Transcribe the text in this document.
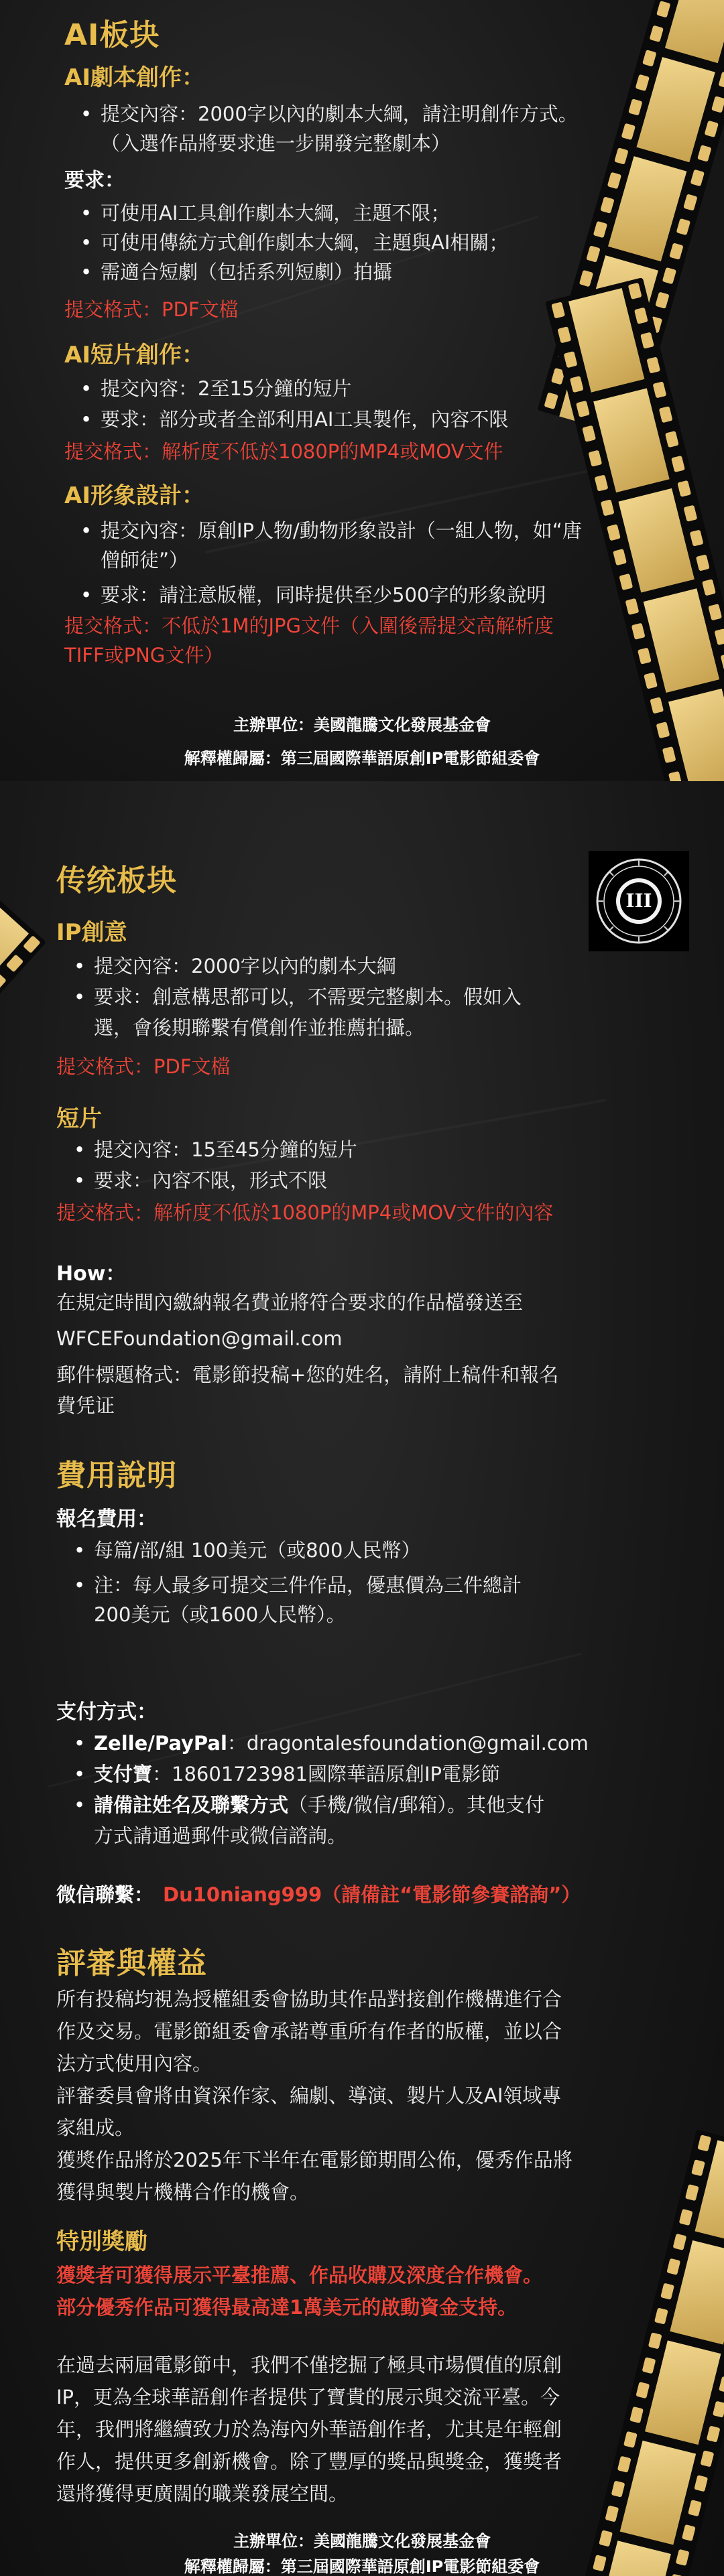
AI板块
AI劇本創作：
• 提交內容：2000字以內的劇本大綱，請注明創作方式。
（入選作品將要求進一步開發完整劇本）
要求：
• 可使用AI工具創作劇本大綱，主題不限；
• 可使用傳統方式創作劇本大綱，主題與AI相關；
• 需適合短劇（包括系列短劇）拍攝
提交格式：PDF文檔
AI短片創作：
• 提交內容：2至15分鐘的短片
• 要求：部分或者全部利用AI工具製作，內容不限
提交格式：解析度不低於1080P的MP4或MOV文件
AI形象設計：
• 提交內容：原創IP人物/動物形象設計（一組人物，如“唐
僧師徒”）
• 要求：請注意版權，同時提供至少500字的形象說明
提交格式：不低於1M的JPG文件（入圍後需提交高解析度
TIFF或PNG文件）
主辦單位：美國龍騰文化發展基金會
解釋權歸屬：第三屆國際華語原創IP電影節組委會
III
传统板块
IP創意
• 提交內容：2000字以內的劇本大綱
• 要求：創意構思都可以，不需要完整劇本。假如入
選，會後期聯繫有償創作並推薦拍攝。
提交格式：PDF文檔
短片
• 提交內容：15至45分鐘的短片
• 要求：內容不限，形式不限
提交格式：解析度不低於1080P的MP4或MOV文件的內容
How：
在規定時間內繳納報名費並將符合要求的作品檔發送至
WFCEFoundation@gmail.com
郵件標題格式：電影節投稿+您的姓名，請附上稿件和報名
費凭证
費用說明
報名費用：
• 每篇/部/組 100美元（或800人民幣）
• 注：每人最多可提交三件作品，優惠價為三件總計
200美元（或1600人民幣）。
支付方式：
• Zelle/PayPal：dragontalesfoundation@gmail.com
• 支付寶：18601723981國際華語原創IP電影節
• 請備註姓名及聯繫方式（手機/微信/郵箱）。其他支付
方式請通過郵件或微信諮詢。
微信聯繫： Du10niang999（請備註“電影節參賽諮詢”）
評審與權益
所有投稿均視為授權組委會協助其作品對接創作機構進行合
作及交易。電影節組委會承諾尊重所有作者的版權，並以合
法方式使用內容。
評審委員會將由資深作家、編劇、導演、製片人及AI領域專
家組成。
獲獎作品將於2025年下半年在電影節期間公佈，優秀作品將
獲得與製片機構合作的機會。
特別獎勵
獲獎者可獲得展示平臺推薦、作品收購及深度合作機會。
部分優秀作品可獲得最高達1萬美元的啟動資金支持。
在過去兩屆電影節中，我們不僅挖掘了極具市場價值的原創
IP，更為全球華語創作者提供了寶貴的展示與交流平臺。今
年，我們將繼續致力於為海內外華語創作者，尤其是年輕創
作人，提供更多創新機會。除了豐厚的獎品與獎金，獲獎者
還將獲得更廣闊的職業發展空間。
主辦單位：美國龍騰文化發展基金會
解釋權歸屬：第三屆國際華語原創IP電影節組委會
